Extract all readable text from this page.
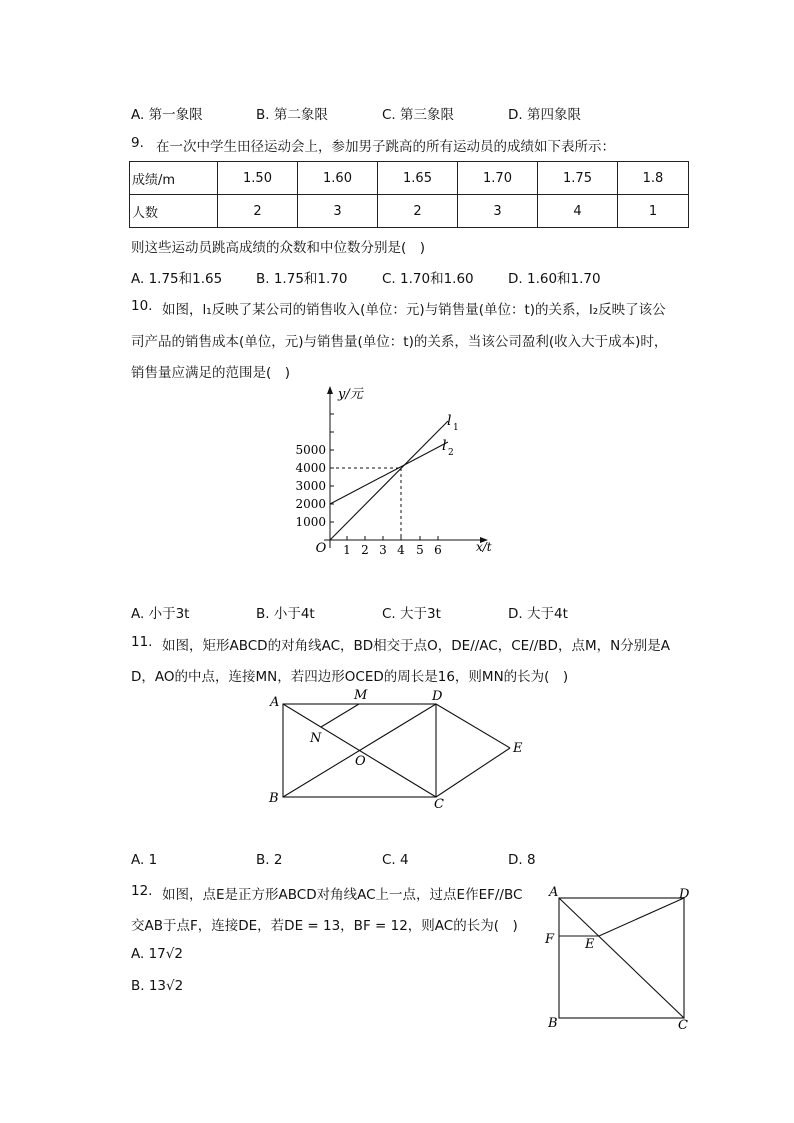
A. 第一象限	B. 第二象限	C. 第三象限	D. 第四象限
9. 在一次中学生田径运动会上，参加男子跳高的所有运动员的成绩如下表所示：
成绩/m	1.50	1.60	1.65	1.70	1.75	1.8
人数	2	3	2	3	4	1
则这些运动员跳高成绩的众数和中位数分别是(　)
A. 1.75和1.65	B. 1.75和1.70	C. 1.70和1.60	D. 1.60和1.70
10. 如图，l₁反映了某公司的销售收入(单位：元)与销售量(单位：t)的关系，l₂反映了该公
司产品的销售成本(单位，元)与销售量(单位：t)的关系，当该公司盈利(收入大于成本)时，
销售量应满足的范围是(　)
1000
2000
3000
4000
5000
1 2 3 4 5 6
O
y/元
x/t
l 1
l 2
A. 小于3t	B. 小于4t	C. 大于3t	D. 大于4t
11. 如图，矩形ABCD的对角线AC，BD相交于点O，DE//AC，CE//BD，点M，N分别是A
D，AO的中点，连接MN，若四边形OCED的周长是16，则MN的长为(　)
A
B	C
D
E
M
N
O
A. 1	B. 2	C. 4	D. 8
12. 如图，点E是正方形ABCD对角线AC上一点，过点E作EF//BC
交AB于点F，连接DE，若DE = 13，BF = 12，则AC的长为(　)
A. 17√2
B. 13√2
A
B	C
D
E
F
